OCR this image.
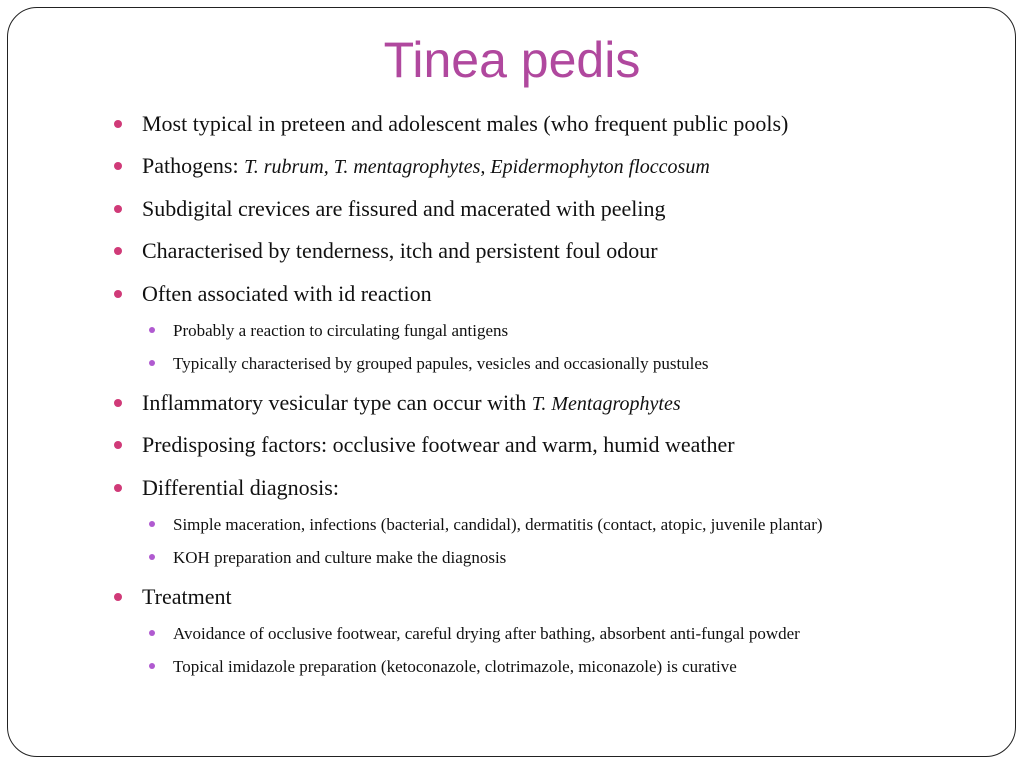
Tinea pedis
Most typical in preteen and adolescent males (who frequent public pools)
Pathogens: T. rubrum, T. mentagrophytes, Epidermophyton floccosum
Subdigital crevices are fissured and macerated with peeling
Characterised by tenderness, itch and persistent foul odour
Often associated with id reaction
Probably a reaction to circulating fungal antigens
Typically characterised by grouped papules, vesicles and occasionally pustules
Inflammatory vesicular type can occur with T. Mentagrophytes
Predisposing factors: occlusive footwear and warm, humid weather
Differential diagnosis:
Simple maceration, infections (bacterial, candidal), dermatitis (contact, atopic, juvenile plantar)
KOH preparation and culture make the diagnosis
Treatment
Avoidance of occlusive footwear, careful drying after bathing, absorbent anti-fungal powder
Topical imidazole preparation (ketoconazole, clotrimazole, miconazole) is curative
